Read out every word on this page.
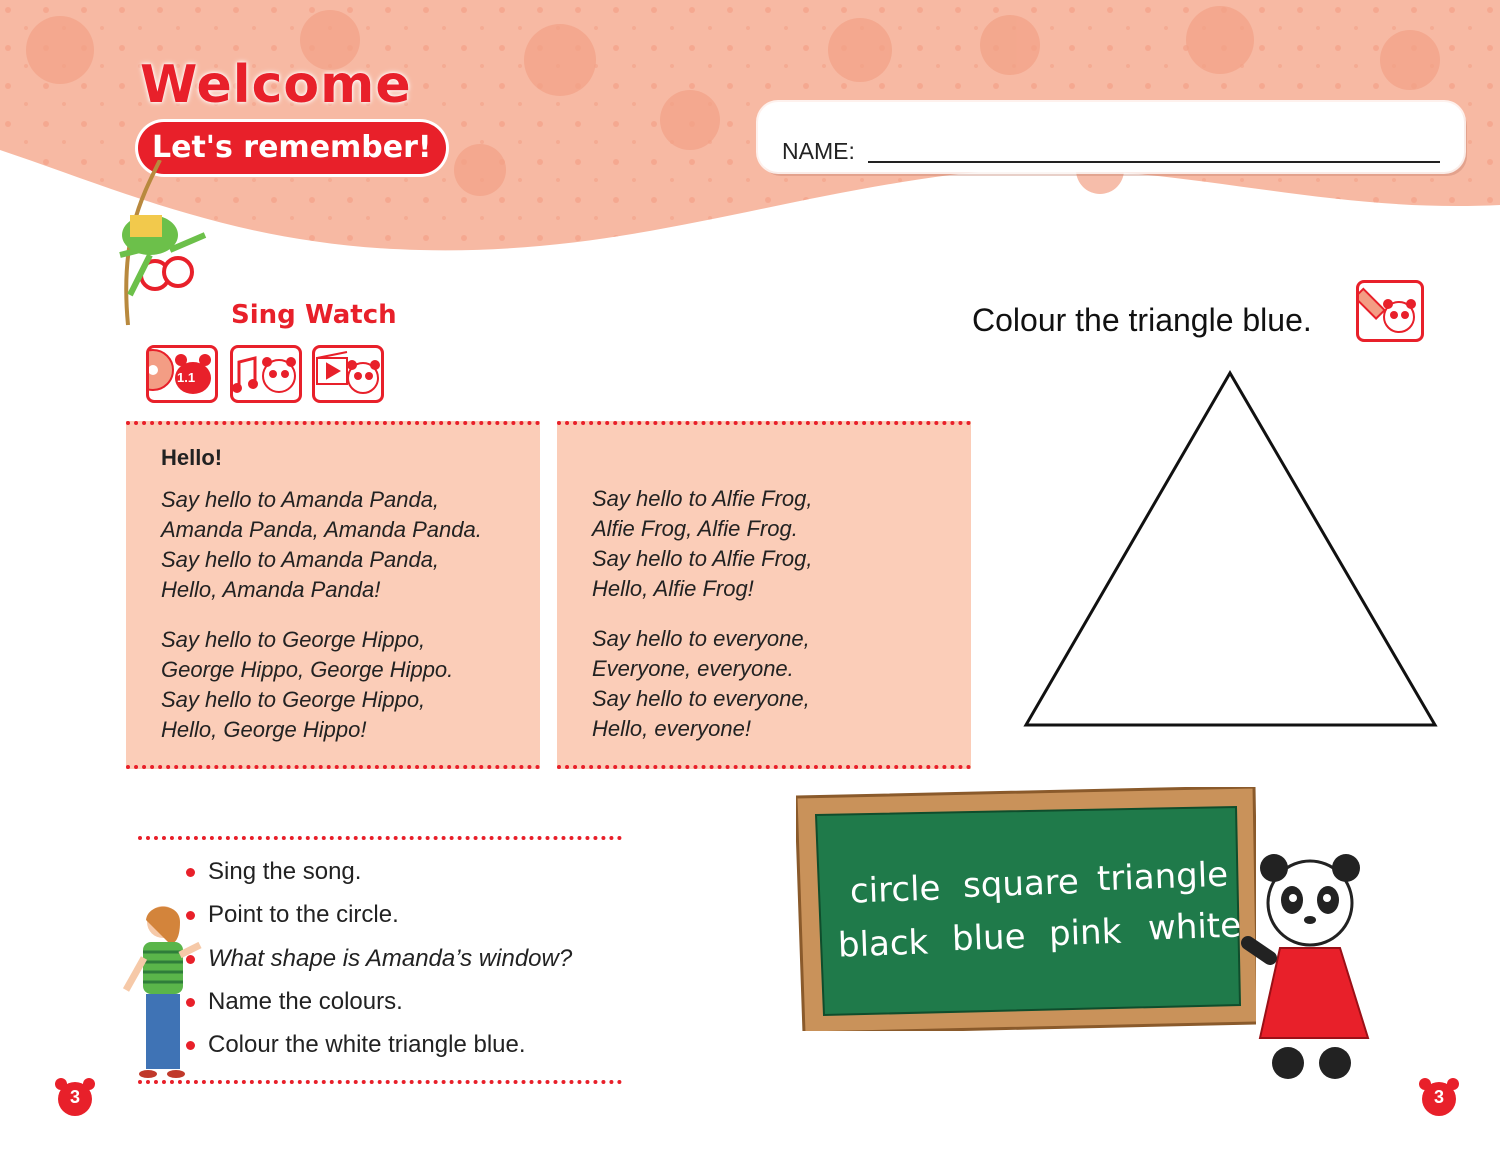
Welcome
Let's remember!	NAME:
Sing Watch
1.1
Hello!
Say hello to Amanda Panda,
Amanda Panda, Amanda Panda.
Say hello to Amanda Panda,
Hello, Amanda Panda!
Say hello to George Hippo,
George Hippo, George Hippo.
Say hello to George Hippo,
Hello, George Hippo!
Say hello to Alfie Frog,
Alfie Frog, Alfie Frog.
Say hello to Alfie Frog,
Hello, Alfie Frog!
Say hello to everyone,
Everyone, everyone.
Say hello to everyone,
Hello, everyone!
Colour the triangle blue.
Sing the song.
Point to the circle.
What shape is Amanda’s window?
Name the colours.
Colour the white triangle blue.
circle square triangle
black blue pink white
3	3
